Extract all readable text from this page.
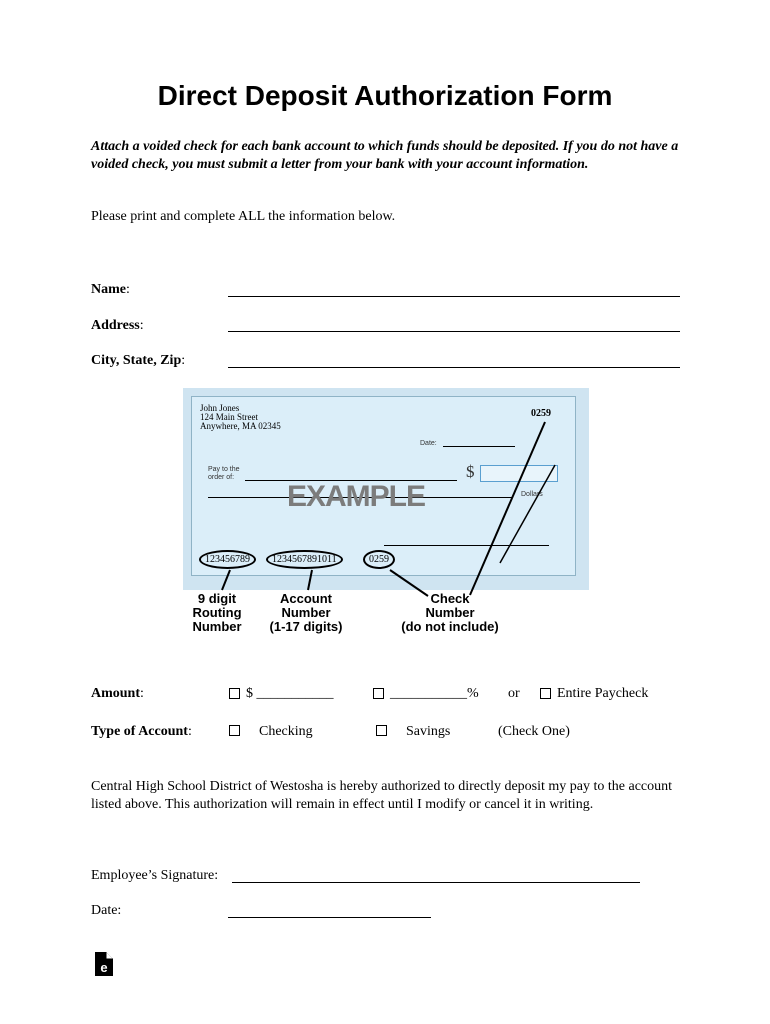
Direct Deposit Authorization Form
Attach a voided check for each bank account to which funds should be deposited. If you do not have a voided check, you must submit a letter from your bank with your account information.
Please print and complete ALL the information below.
Name:
Address:
City, State, Zip:
John Jones
124 Main Street
Anywhere, MA 02345
0259
Date:
Pay to the
order of:	$
Dollars
EXAMPLE
123456789	1234567891011	0259
9 digit
Routing
Number
Account
Number
(1-17 digits)
Check
Number
(do not include)
Amount:	$ ___________	___________% or	Entire Paycheck
Type of Account:	Checking	Savings	(Check One)
Central High School District of Westosha is hereby authorized to directly deposit my pay to the account listed above. This authorization will remain in effect until I modify or cancel it in writing.
Employee’s Signature:
Date:
e
